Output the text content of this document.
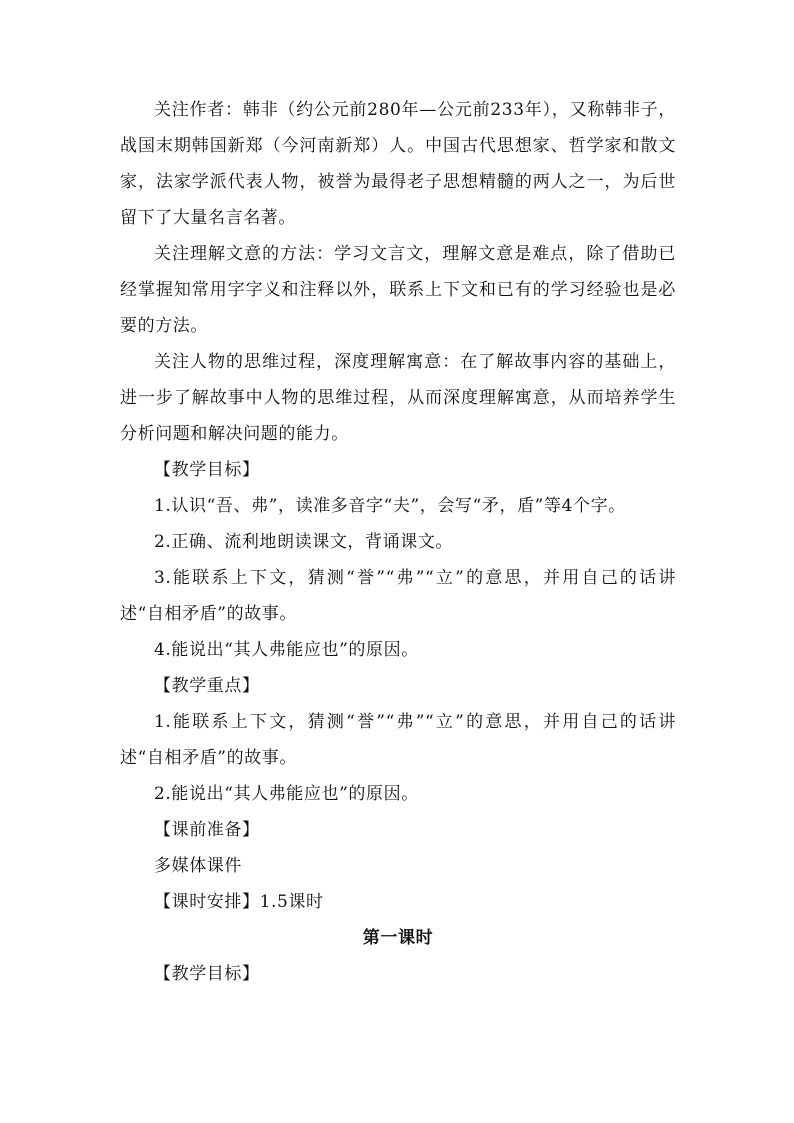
关注作者：韩非（约公元前280年—公元前233年），又称韩非子，战国末期韩国新郑（今河南新郑）人。中国古代思想家、哲学家和散文家，法家学派代表人物，被誉为最得老子思想精髓的两人之一，为后世留下了大量名言名著。

关注理解文意的方法：学习文言文，理解文意是难点，除了借助已经掌握知常用字字义和注释以外，联系上下文和已有的学习经验也是必要的方法。

关注人物的思维过程，深度理解寓意：在了解故事内容的基础上，进一步了解故事中人物的思维过程，从而深度理解寓意，从而培养学生分析问题和解决问题的能力。

【教学目标】

1.认识“吾、弗”，读准多音字“夫”，会写“矛，盾”等4个字。

2.正确、流利地朗读课文，背诵课文。

3.能联系上下文，猜测“誉”“弗”“立”的意思，并用自己的话讲述“自相矛盾”的故事。

4.能说出“其人弗能应也”的原因。

【教学重点】

1.能联系上下文，猜测“誉”“弗”“立”的意思，并用自己的话讲述“自相矛盾”的故事。

2.能说出“其人弗能应也”的原因。

【课前准备】

多媒体课件

【课时安排】1.5课时

第一课时

【教学目标】
